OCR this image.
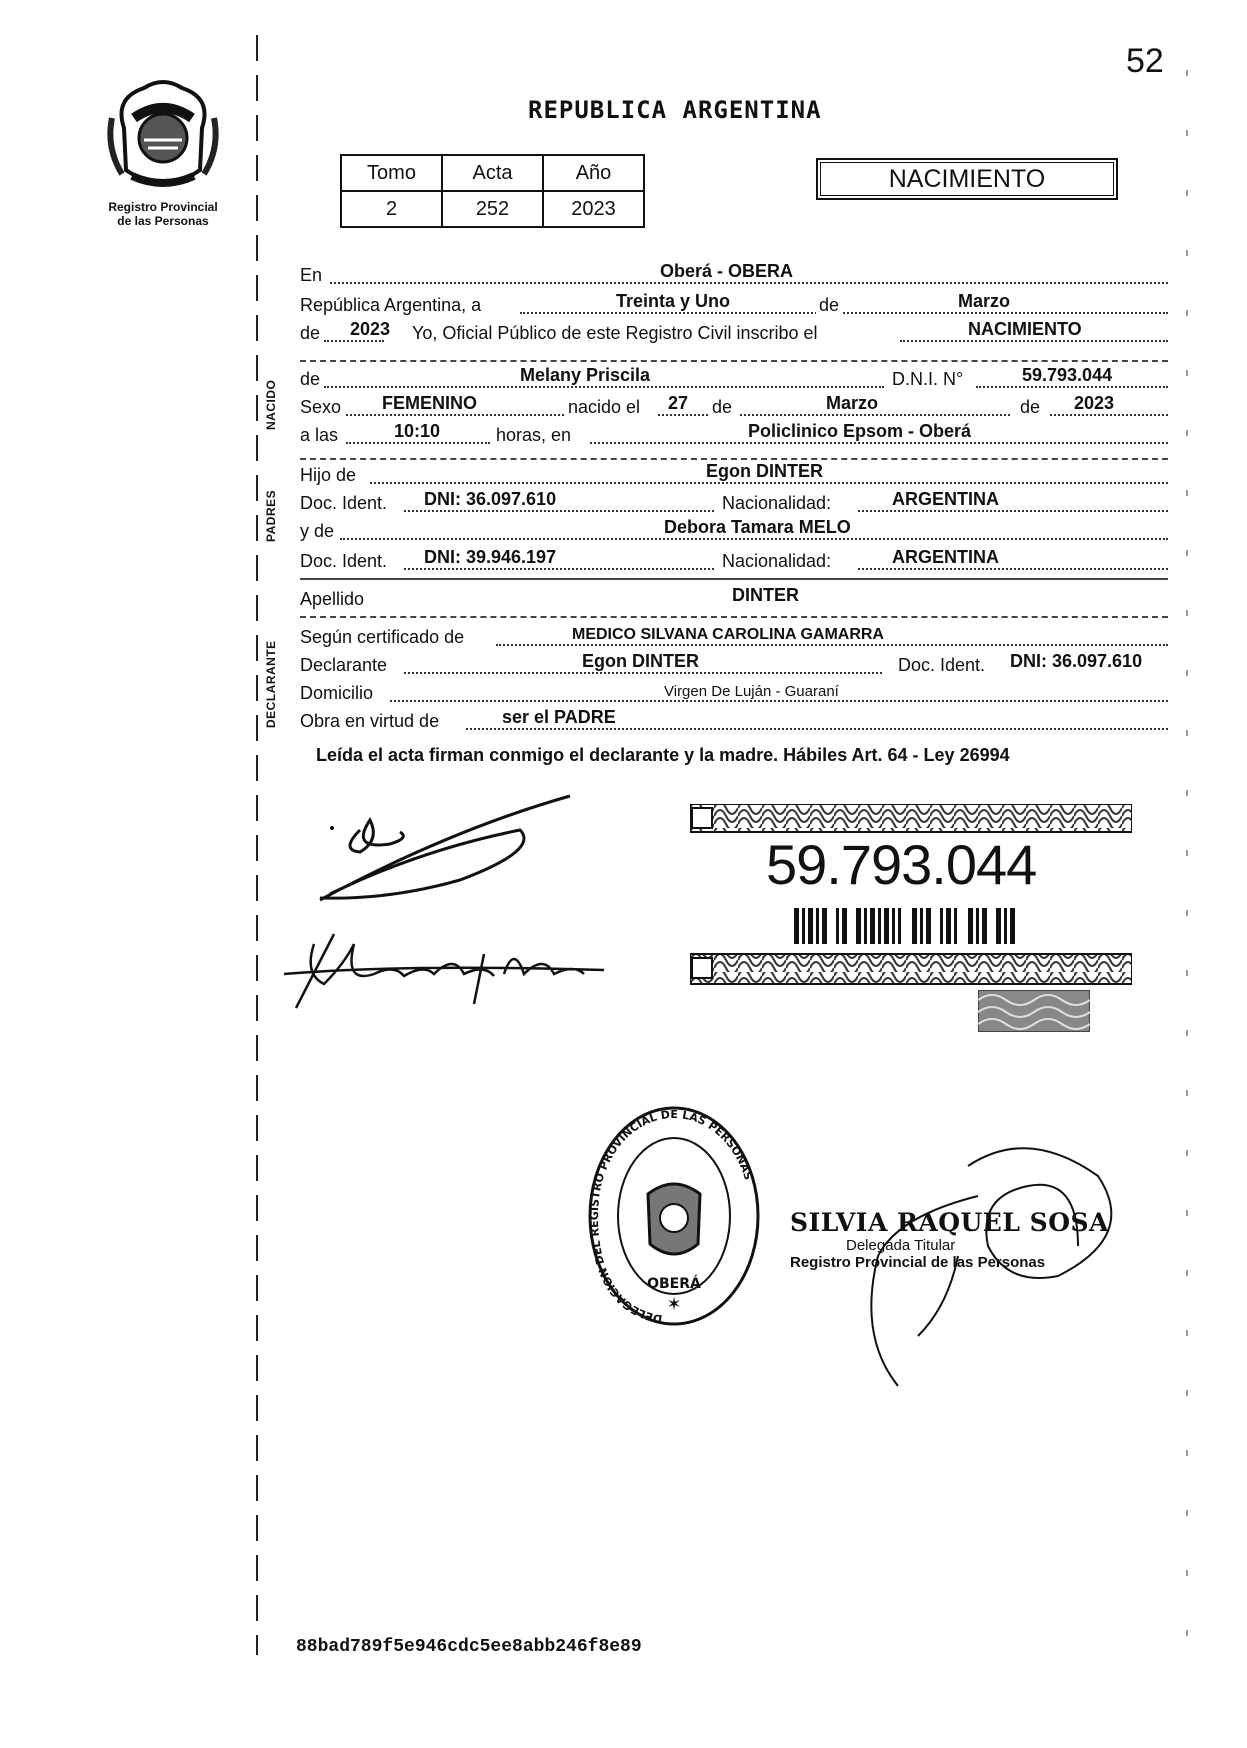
52
Registro Provincial
de las Personas
REPUBLICA ARGENTINA
Tomo	Acta	Año
2	252	2023
NACIMIENTO
NACIDO
PADRES
DECLARANTE
En	Oberá - OBERA
República Argentina, a	Treinta y Uno	de	Marzo
de 2023 Yo, Oficial Público de este Registro Civil inscribo el	NACIMIENTO
de	Melany Priscila	D.N.I. N°	59.793.044
Sexo FEMENINO	nacido el 27 de	Marzo	de 2023
a las	10:10	horas, en	Policlinico Epsom - Oberá
Hijo de	Egon DINTER
Doc. Ident. DNI: 36.097.610	Nacionalidad:	ARGENTINA
y de	Debora Tamara MELO
Doc. Ident. DNI: 39.946.197	Nacionalidad:	ARGENTINA
Apellido	DINTER
Según certificado de	MEDICO SILVANA CAROLINA GAMARRA
Declarante	Egon DINTER	Doc. Ident. DNI: 36.097.610
Domicilio	Virgen De Luján - Guaraní
Obra en virtud de	ser el PADRE
Leída el acta firman conmigo el declarante y la madre. Hábiles Art. 64 - Ley 26994
59.793.044
DELEGACION DEL REGISTRO PROVINCIAL DE LAS PERSONAS
OBERÁ
✶
SILVIA RAQUEL SOSA
Delegada Titular
Registro Provincial de las Personas
88bad789f5e946cdc5ee8abb246f8e89
